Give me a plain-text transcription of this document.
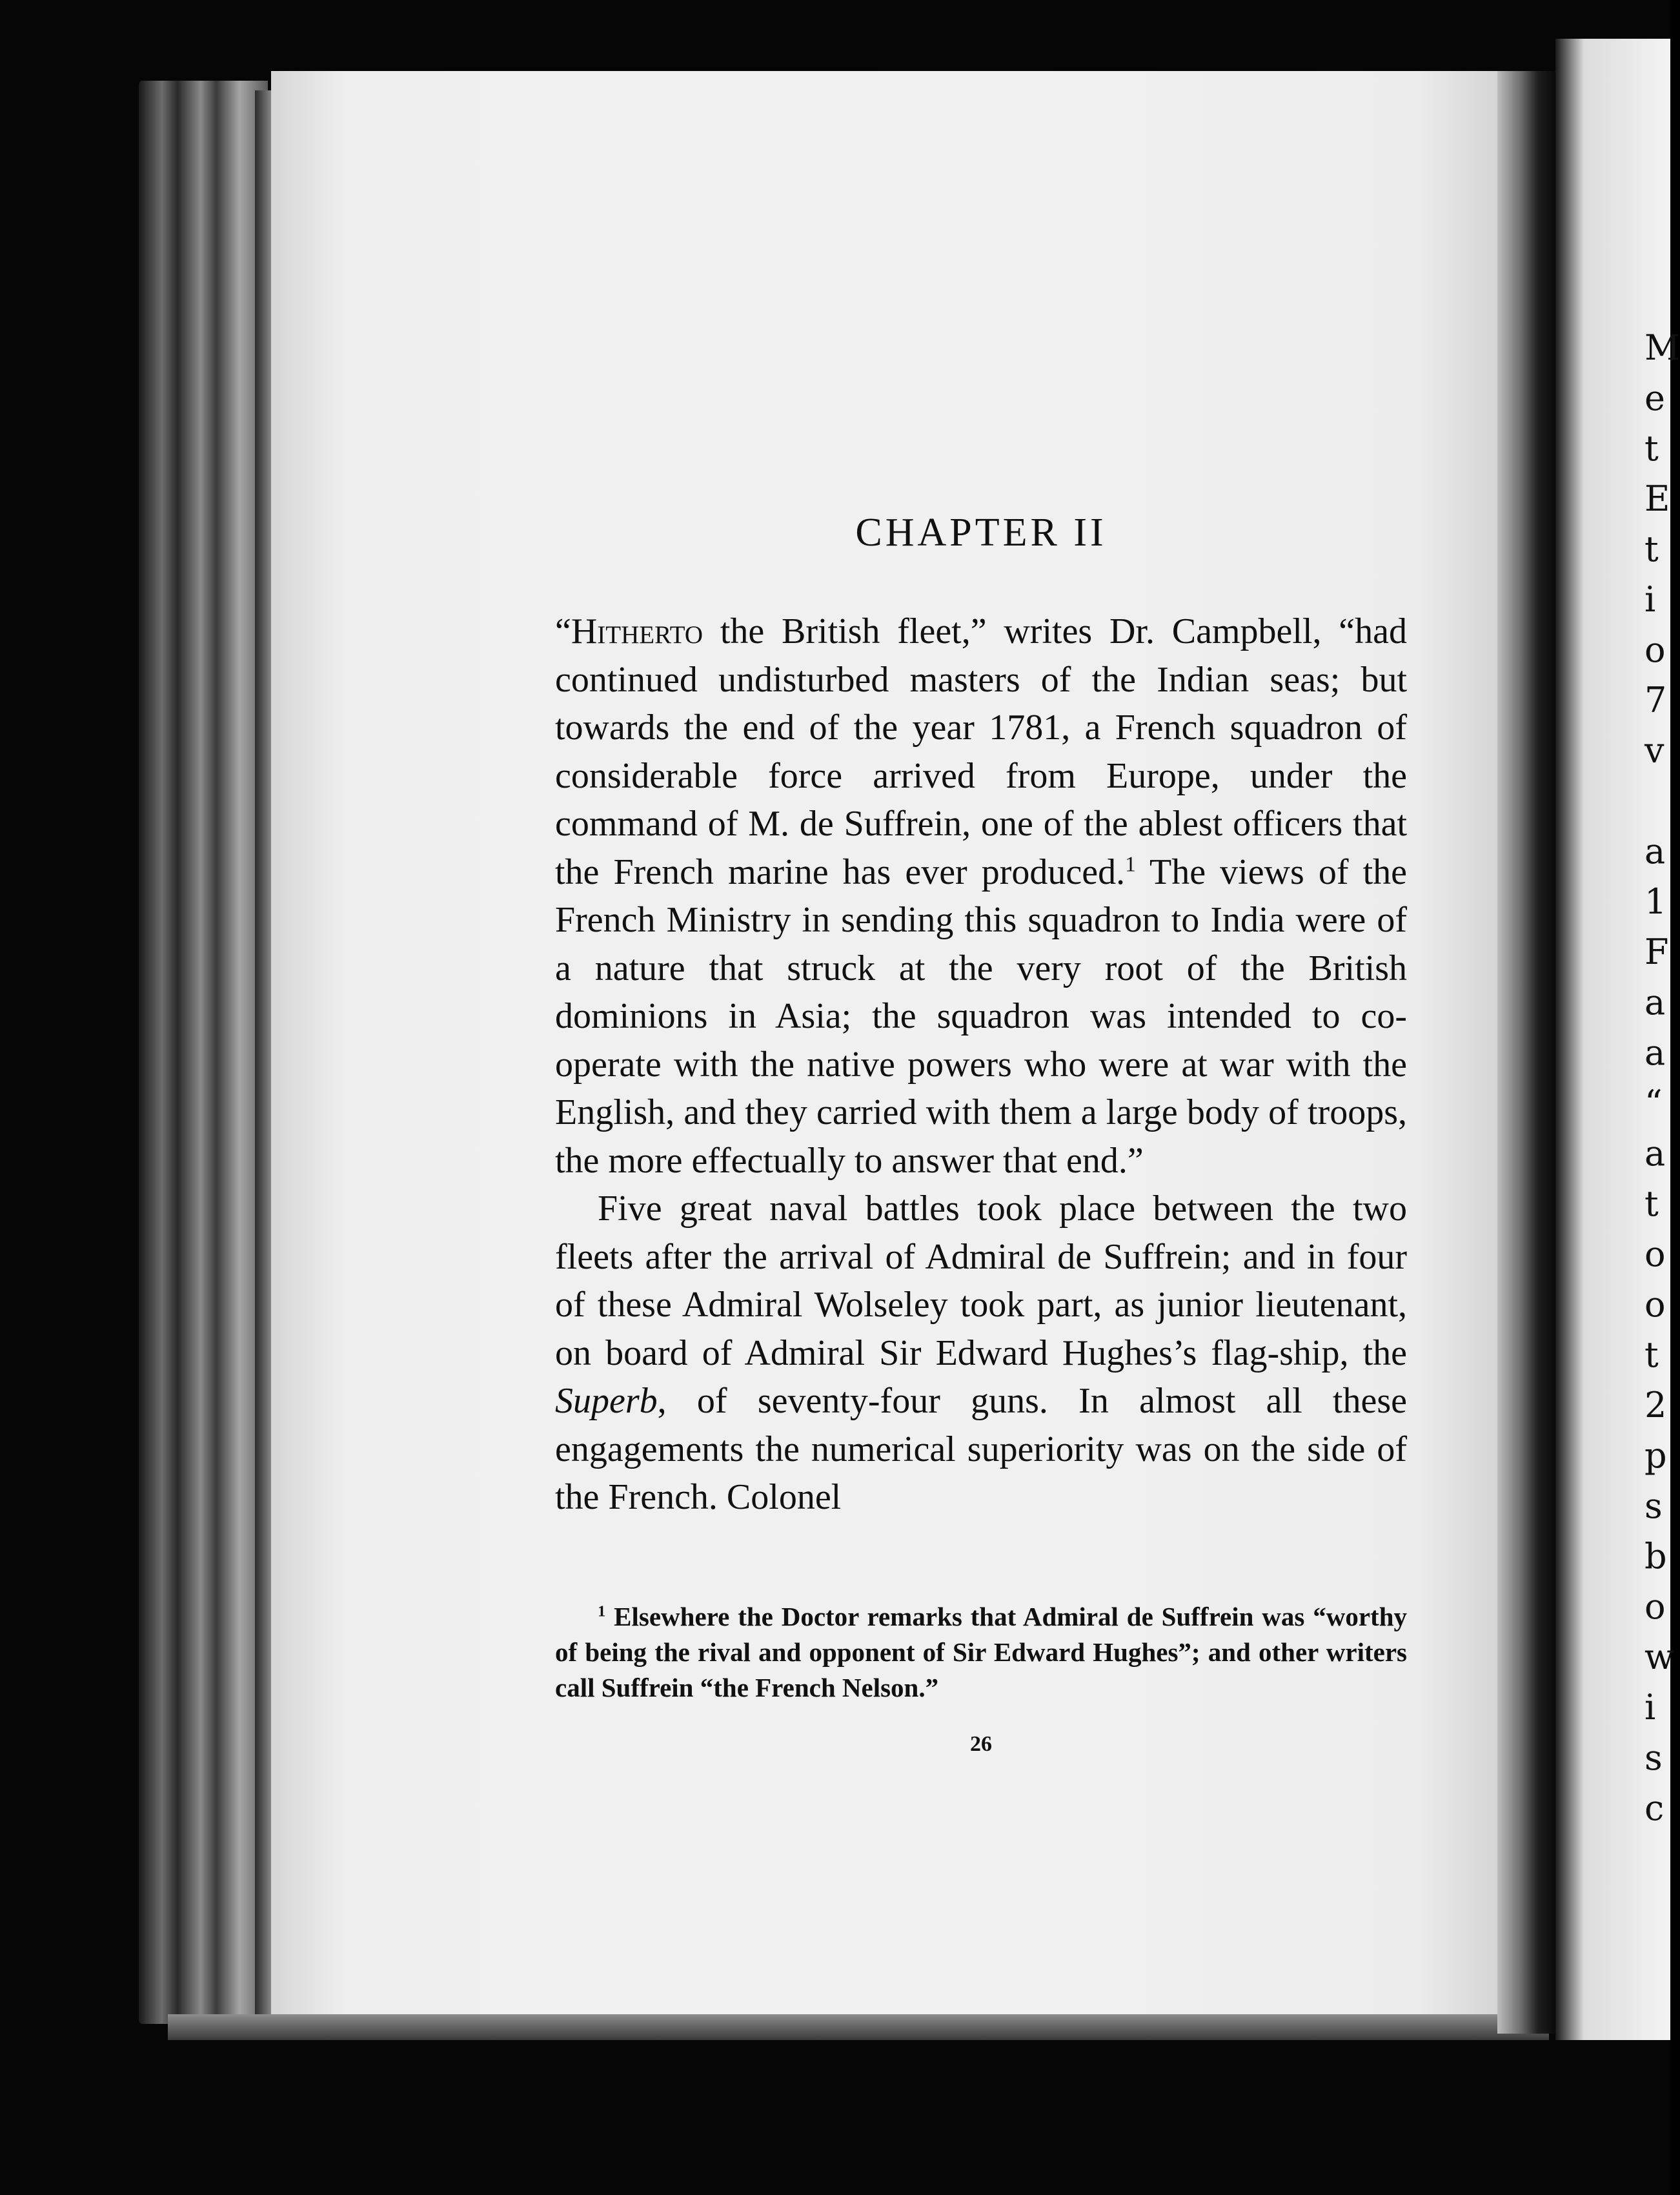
M
e
t
E
t
i
o
7
v

a
1
F
a
a
“
a
t
o
o
t
2
p
s
b
o
w
i
s
c
CHAPTER II

“Hitherto the British fleet,” writes Dr. Campbell, “had continued undisturbed masters of the Indian seas; but towards the end of the year 1781, a French squadron of considerable force arrived from Europe, under the command of M. de Suffrein, one of the ablest officers that the French marine has ever produced.$^1$ The views of the French Ministry in sending this squadron to India were of a nature that struck at the very root of the British dominions in Asia; the squadron was intended to co-operate with the native powers who were at war with the English, and they carried with them a large body of troops, the more effectually to answer that end.”

Five great naval battles took place between the two fleets after the arrival of Admiral de Suffrein; and in four of these Admiral Wolseley took part, as junior lieutenant, on board of Admiral Sir Edward Hughes’s flag-ship, the Superb, of seventy-four guns. In almost all these engagements the numerical superiority was on the side of the French. Colonel

$^1$ Elsewhere the Doctor remarks that Admiral de Suffrein was “worthy of being the rival and opponent of Sir Edward Hughes”; and other writers call Suffrein “the French Nelson.”

26
